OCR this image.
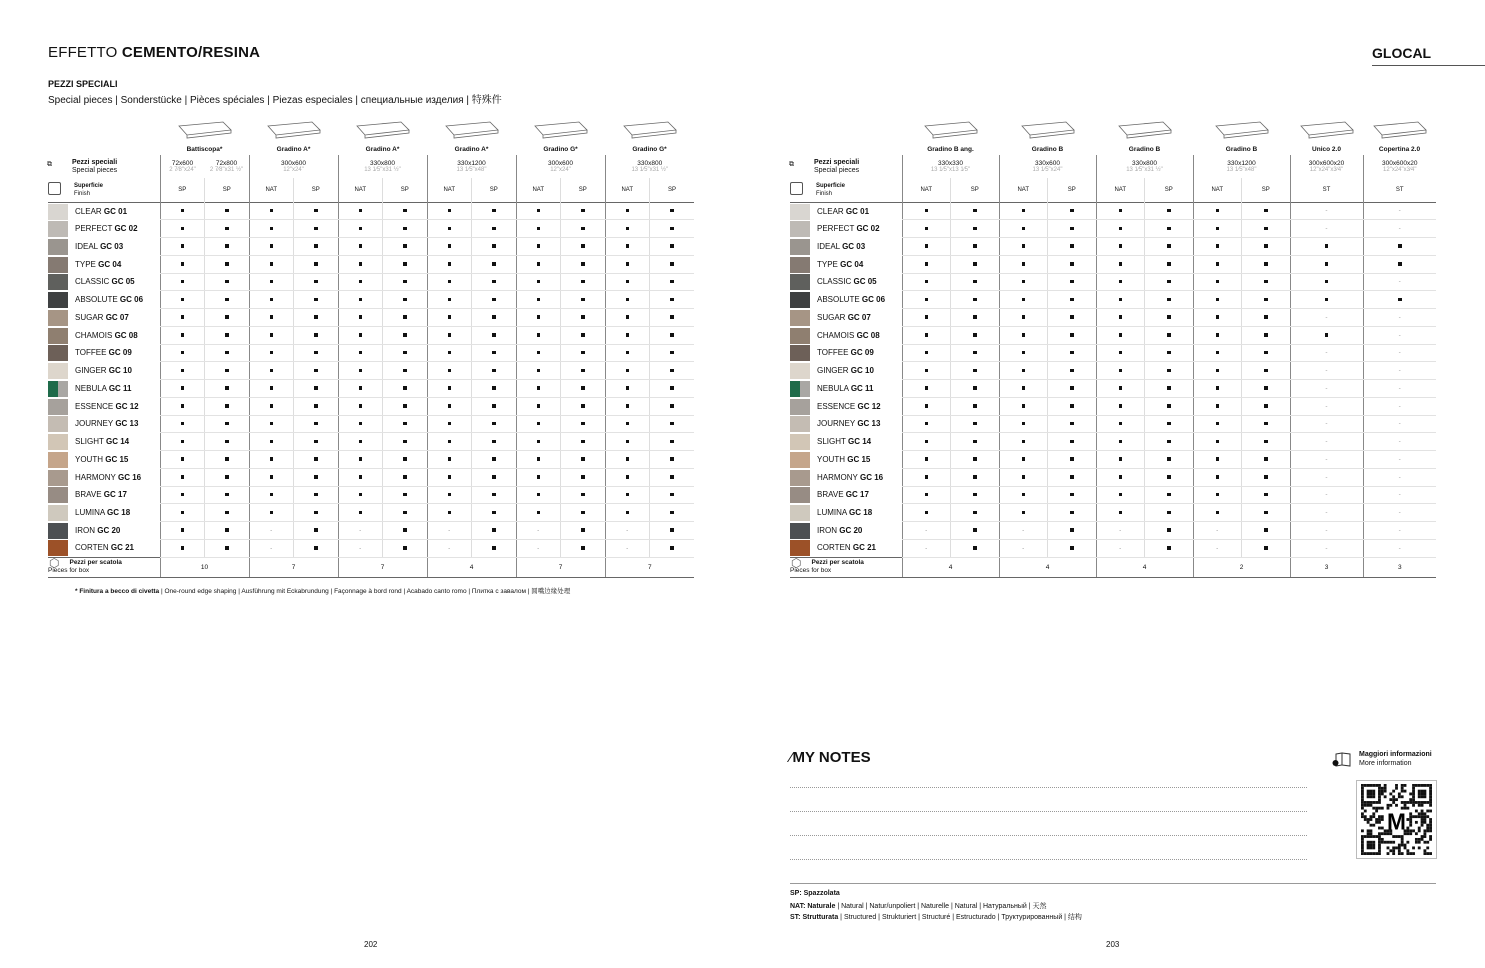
EFFETTO CEMENTO/RESINA
PEZZI SPECIALI
Special pieces | Sonderstücke | Pièces spéciales | Piezas especiales | специальные изделия | 特殊件
GLOCAL

	Battiscopa*		Gradino A*		Gradino A*		Gradino A*		Gradino G*		Gradino G*	

⧉ Pezzi speciali
Special pieces	72x600
2 7⁄8"x24"	72x800
2 7⁄8"x31 ½"	300x600
12"x24"		330x800
13 1⁄5"x31 ½"		330x1200
13 1⁄5"x48"		300x600
12"x24"		330x800
13 1⁄5"x31 ½"	

Superficie
Finish	SP	SP	NAT	SP	NAT	SP	NAT	SP	NAT	SP	NAT	SP

CLEAR GC 01												

PERFECT GC 02												

IDEAL GC 03												

TYPE GC 04												

CLASSIC GC 05												

ABSOLUTE GC 06												

SUGAR GC 07												

CHAMOIS GC 08												

TOFFEE GC 09												

GINGER GC 10												

NEBULA GC 11												

ESSENCE GC 12												

JOURNEY GC 13												

SLIGHT GC 14												

YOUTH GC 15												

HARMONY GC 16												

BRAVE GC 17												

LUMINA GC 18												

IRON GC 20			-		-		-		-		-	

CORTEN GC 21			-		-		-		-		-	

⬡ Pezzi per scatola
Pieces for box	10		7		7		4		7		7	

	Gradino B ang.		Gradino B		Gradino B		Gradino B		Unico 2.0	Copertina 2.0

⧉ Pezzi speciali
Special pieces	330x330
13 1⁄5"x13 1⁄5"		330x600
13 1⁄5"x24"		330x800
13 1⁄5"x31 ½"		330x1200
13 1⁄5"x48"		300x600x20
12"x24"x3⁄4"	300x600x20
12"x24"x3⁄4"

Superficie
Finish	NAT	SP	NAT	SP	NAT	SP	NAT	SP	ST	ST

CLEAR GC 01									-	-

PERFECT GC 02									-	-

IDEAL GC 03										

TYPE GC 04										

CLASSIC GC 05										-

ABSOLUTE GC 06										

SUGAR GC 07									-	-

CHAMOIS GC 08										-

TOFFEE GC 09									-	-

GINGER GC 10									-	-

NEBULA GC 11									-	-

ESSENCE GC 12									-	-

JOURNEY GC 13									-	-

SLIGHT GC 14									-	-

YOUTH GC 15									-	-

HARMONY GC 16									-	-

BRAVE GC 17									-	-

LUMINA GC 18									-	-

IRON GC 20	-		-		-		-		-	-

CORTEN GC 21	-		-		-		-		-	-

⬡ Pezzi per scatola
Pieces for box	4		4		4		2		3	3
* Finitura a becco di civetta | One-round edge shaping | Ausführung mit Eckabrundung | Façonnage à bord rond | Acabado canto romo | Плитка с завалом | 圆嘴边缘处理
⁄MY NOTES	Maggiori informazioni
More information
M
SP: Spazzolata
NAT: Naturale | Natural | Natur/unpoliert | Naturelle | Natural | Натуральный | 天然
ST: Strutturata | Structured | Strukturiert | Structuré | Estructurado | Труктурированный | 结构
202	203
